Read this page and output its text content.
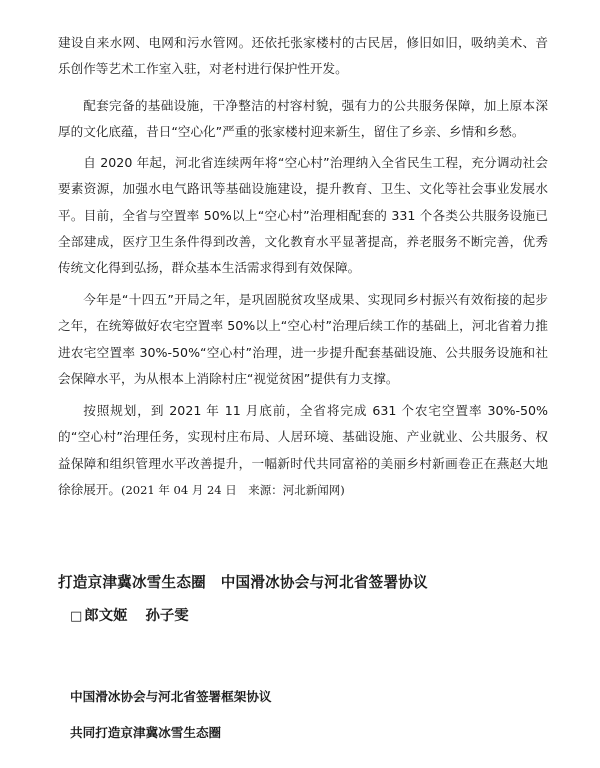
建设自来水网、电网和污水管网。还依托张家楼村的古民居，修旧如旧，吸纳美术、音乐创作等艺术工作室入驻，对老村进行保护性开发。

配套完备的基础设施，干净整洁的村容村貌，强有力的公共服务保障，加上原本深厚的文化底蕴，昔日“空心化”严重的张家楼村迎来新生，留住了乡亲、乡情和乡愁。

自 2020 年起，河北省连续两年将“空心村”治理纳入全省民生工程，充分调动社会要素资源，加强水电气路讯等基础设施建设，提升教育、卫生、文化等社会事业发展水平。目前，全省与空置率 50%以上“空心村”治理相配套的 331 个各类公共服务设施已全部建成，医疗卫生条件得到改善，文化教育水平显著提高，养老服务不断完善，优秀传统文化得到弘扬，群众基本生活需求得到有效保障。

今年是“十四五”开局之年，是巩固脱贫攻坚成果、实现同乡村振兴有效衔接的起步之年，在统筹做好农宅空置率 50%以上“空心村”治理后续工作的基础上，河北省着力推进农宅空置率 30%-50%“空心村”治理，进一步提升配套基础设施、公共服务设施和社会保障水平，为从根本上消除村庄“视觉贫困”提供有力支撑。

按照规划，到 2021 年 11 月底前，全省将完成 631 个农宅空置率 30%-50%的“空心村”治理任务，实现村庄布局、人居环境、基础设施、产业就业、公共服务、权益保障和组织管理水平改善提升，一幅新时代共同富裕的美丽乡村新画卷正在燕赵大地徐徐展开。(2021 年 04 月 24 日　来源：河北新闻网)

打造京津冀冰雪生态圈　中国滑冰协会与河北省签署协议

□ 郎文姬 孙子雯

中国滑冰协会与河北省签署框架协议

共同打造京津冀冰雪生态圈
